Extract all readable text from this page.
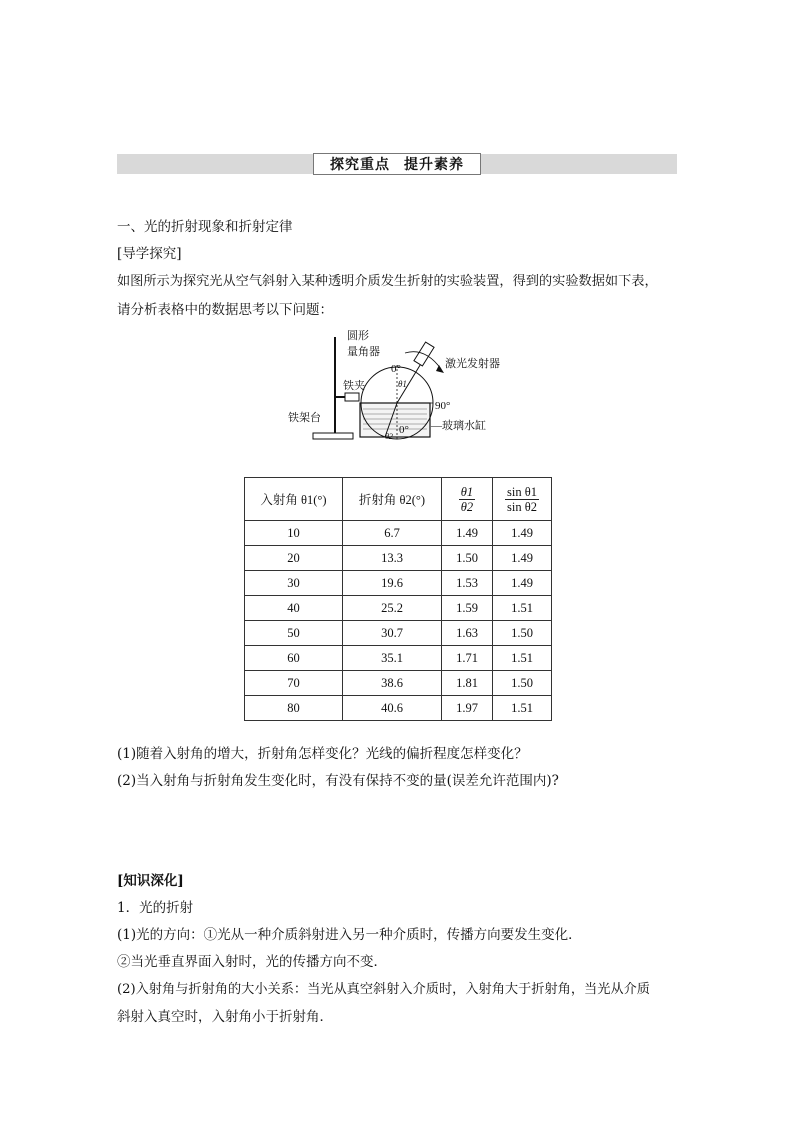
探究重点 提升素养
一、光的折射现象和折射定律
[导学探究]
如图所示为探究光从空气斜射入某种透明介质发生折射的实验装置，得到的实验数据如下表，
请分析表格中的数据思考以下问题：
圆形
量角器
激光发射器
铁夹
铁架台
—玻璃水缸
0°
90°
0°
θ1
θ2
入射角 θ1(°)	折射角 θ2(°)	$\frac{\theta 1}{\theta 2}$	$\frac{\text{sin θ1}}{\text{sin θ2}}$

10	6.7	1.49	1.49
20	13.3	1.50	1.49
30	19.6	1.53	1.49
40	25.2	1.59	1.51
50	30.7	1.63	1.50
60	35.1	1.71	1.51
70	38.6	1.81	1.50
80	40.6	1.97	1.51
(1)随着入射角的增大，折射角怎样变化？光线的偏折程度怎样变化？
(2)当入射角与折射角发生变化时，有没有保持不变的量(误差允许范围内)?
[知识深化]
1．光的折射
(1)光的方向：①光从一种介质斜射进入另一种介质时，传播方向要发生变化．
②当光垂直界面入射时，光的传播方向不变．
(2)入射角与折射角的大小关系：当光从真空斜射入介质时，入射角大于折射角，当光从介质
斜射入真空时，入射角小于折射角．
